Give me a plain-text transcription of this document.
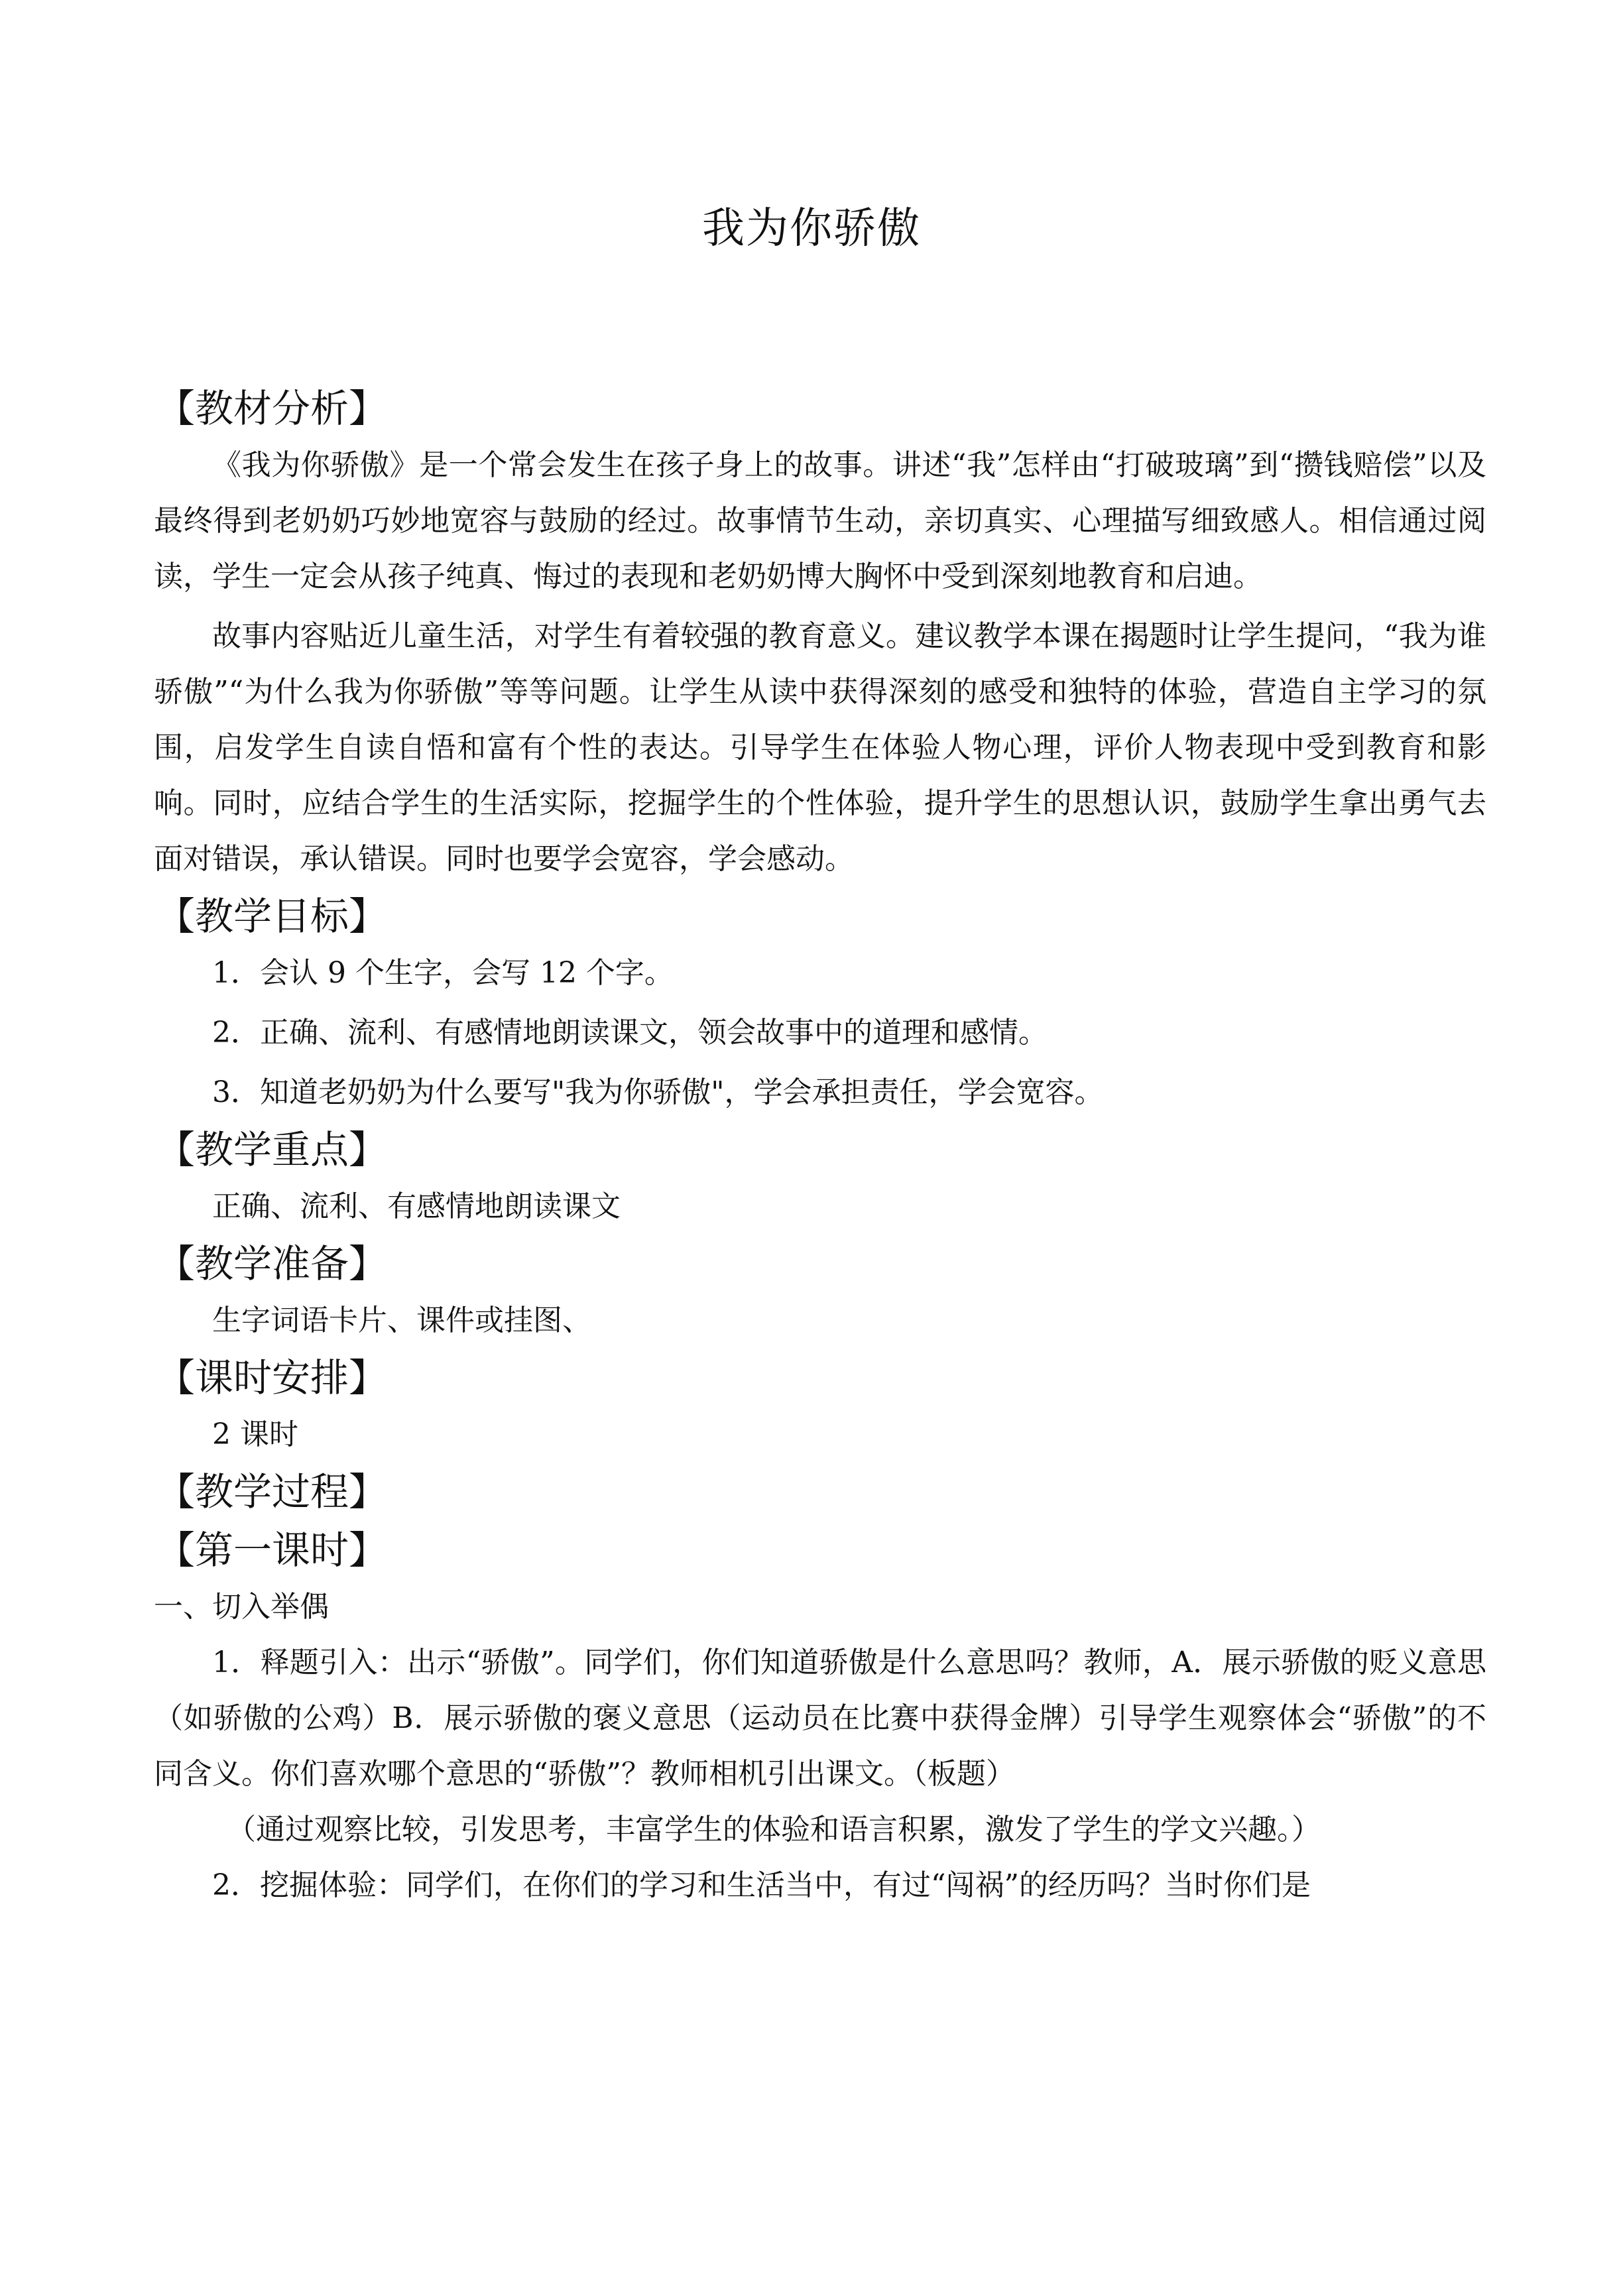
我为你骄傲

【教材分析】

《我为你骄傲》是一个常会发生在孩子身上的故事。讲述“我”怎样由“打破玻璃”到“攒钱赔偿”以及最终得到老奶奶巧妙地宽容与鼓励的经过。故事情节生动，亲切真实、心理描写细致感人。相信通过阅读，学生一定会从孩子纯真、悔过的表现和老奶奶博大胸怀中受到深刻地教育和启迪。

故事内容贴近儿童生活，对学生有着较强的教育意义。建议教学本课在揭题时让学生提问，“我为谁骄傲”“为什么我为你骄傲”等等问题。让学生从读中获得深刻的感受和独特的体验，营造自主学习的氛围，启发学生自读自悟和富有个性的表达。引导学生在体验人物心理，评价人物表现中受到教育和影响。同时，应结合学生的生活实际，挖掘学生的个性体验，提升学生的思想认识，鼓励学生拿出勇气去面对错误，承认错误。同时也要学会宽容，学会感动。

【教学目标】

1．会认 9 个生字，会写 12 个字。

2．正确、流利、有感情地朗读课文，领会故事中的道理和感情。

3．知道老奶奶为什么要写"我为你骄傲"，学会承担责任，学会宽容。

【教学重点】

正确、流利、有感情地朗读课文

【教学准备】

生字词语卡片、课件或挂图、

【课时安排】

2 课时

【教学过程】

【第一课时】

一、切入举偶

1．释题引入：出示“骄傲”。同学们，你们知道骄傲是什么意思吗？教师，A．展示骄傲的贬义意思（如骄傲的公鸡）B．展示骄傲的褒义意思（运动员在比赛中获得金牌）引导学生观察体会“骄傲”的不同含义。你们喜欢哪个意思的“骄傲”？教师相机引出课文。（板题）

（通过观察比较，引发思考，丰富学生的体验和语言积累，激发了学生的学文兴趣。）

2．挖掘体验：同学们，在你们的学习和生活当中，有过“闯祸”的经历吗？当时你们是
